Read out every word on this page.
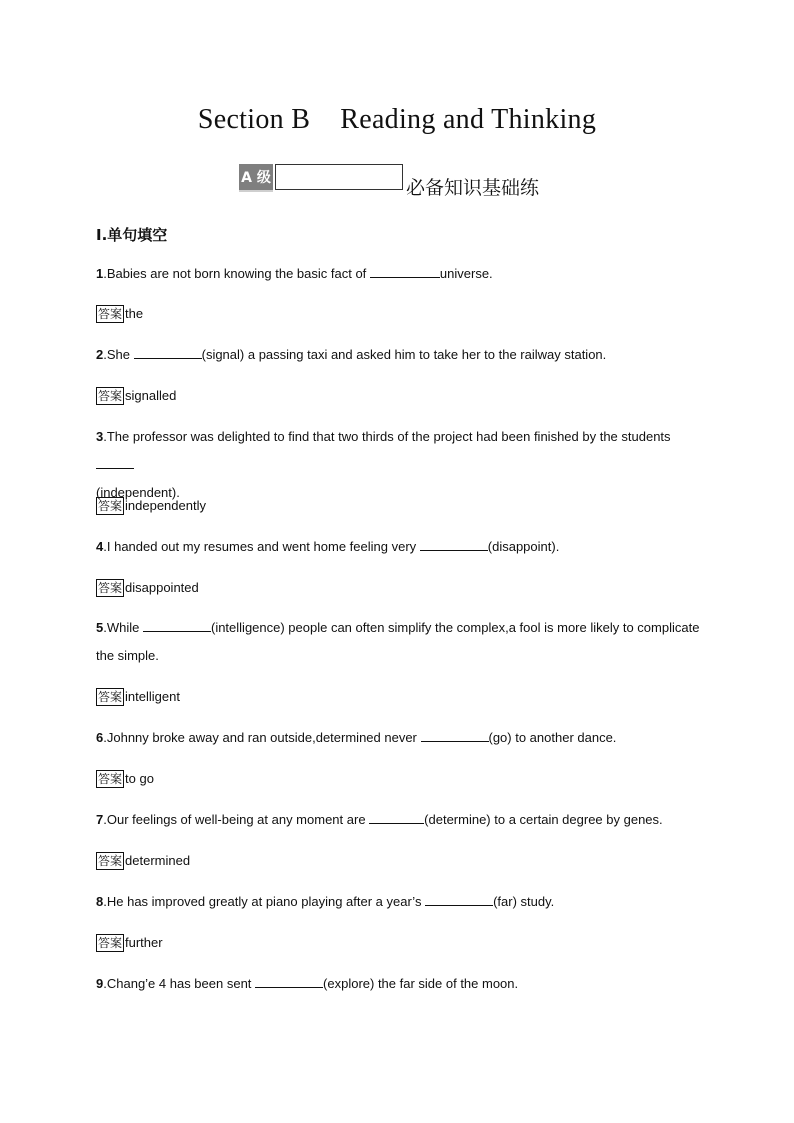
Section B Reading and Thinking
A 级	必备知识基础练
Ⅰ.单句填空
1.Babies are not born knowing the basic fact of	universe.
答案 the
2.She	(signal) a passing taxi and asked him to take her to the railway station.
答案 signalled
3.The professor was delighted to find that two thirds of the project had been finished by the students
(independent).
答案 independently
4.I handed out my resumes and went home feeling very	(disappoint).
答案 disappointed
5.While	(intelligence) people can often simplify the complex,a fool is more likely to complicate the simple.
答案 intelligent
6.Johnny broke away and ran outside,determined never	(go) to another dance.
答案 to go
7.Our feelings of well-being at any moment are	(determine) to a certain degree by genes.
答案 determined
8.He has improved greatly at piano playing after a year’s	(far) study.
答案 further
9.Chang’e 4 has been sent	(explore) the far side of the moon.
